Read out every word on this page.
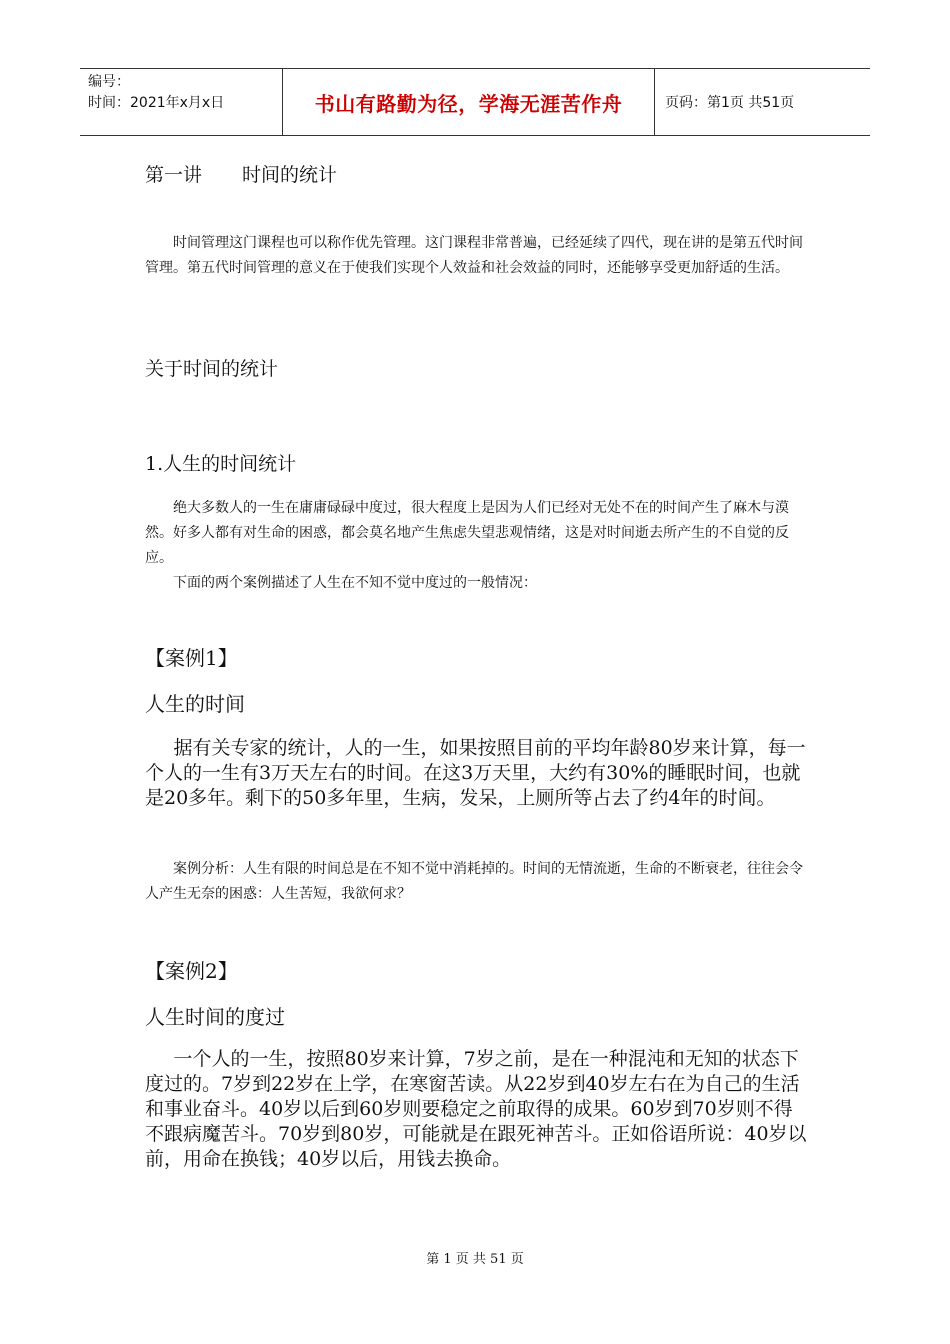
编号：
时间：2021年x月x日	书山有路勤为径，学海无涯苦作舟	页码：第1页 共51页
第一讲 时间的统计

时间管理这门课程也可以称作优先管理。这门课程非常普遍，已经延续了四代，现在讲的是第五代时间管理。第五代时间管理的意义在于使我们实现个人效益和社会效益的同时，还能够享受更加舒适的生活。

关于时间的统计
1.人生的时间统计

绝大多数人的一生在庸庸碌碌中度过，很大程度上是因为人们已经对无处不在的时间产生了麻木与漠然。好多人都有对生命的困惑，都会莫名地产生焦虑失望悲观情绪，这是对时间逝去所产生的不自觉的反应。

下面的两个案例描述了人生在不知不觉中度过的一般情况：

【案例1】
人生的时间

据有关专家的统计，人的一生，如果按照目前的平均年龄80岁来计算，每一个人的一生有3万天左右的时间。在这3万天里，大约有30%的睡眠时间，也就是20多年。剩下的50多年里，生病，发呆，上厕所等占去了约4年的时间。

案例分析：人生有限的时间总是在不知不觉中消耗掉的。时间的无情流逝，生命的不断衰老，往往会令人产生无奈的困惑：人生苦短，我欲何求？

【案例2】
人生时间的度过

一个人的一生，按照80岁来计算，7岁之前，是在一种混沌和无知的状态下度过的。7岁到22岁在上学，在寒窗苦读。从22岁到40岁左右在为自己的生活和事业奋斗。40岁以后到60岁则要稳定之前取得的成果。60岁到70岁则不得不跟病魔苦斗。70岁到80岁，可能就是在跟死神苦斗。正如俗语所说：40岁以前，用命在换钱；40岁以后，用钱去换命。

第 1 页 共 51 页
